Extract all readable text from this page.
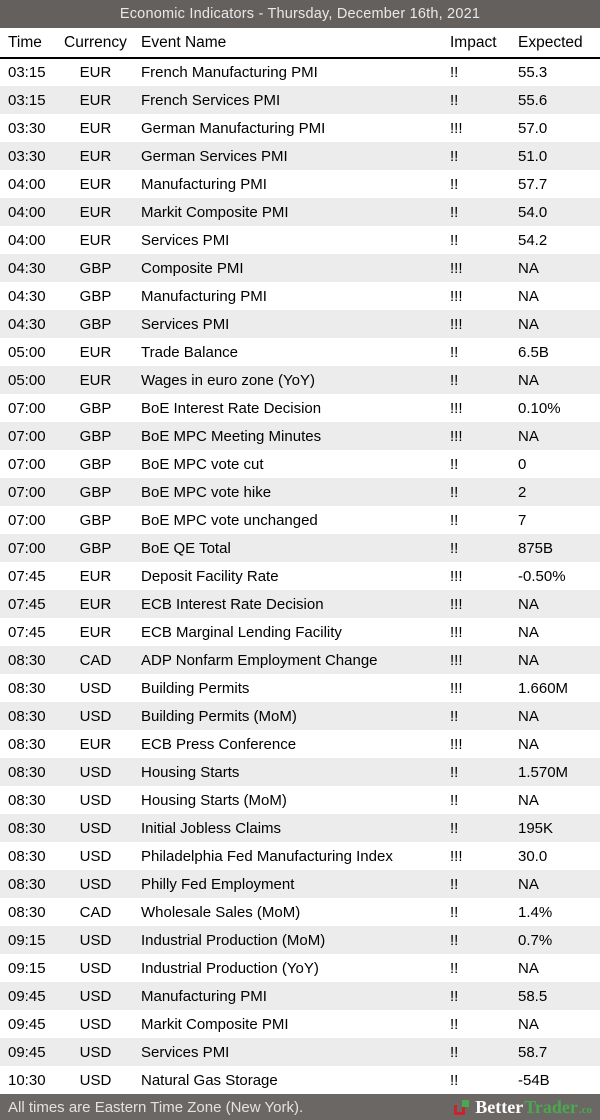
Economic Indicators - Thursday, December 16th, 2021
Time	Currency	Event Name	Impact	Expected
03:15	EUR	French Manufacturing PMI	!!	55.3
03:15	EUR	French Services PMI	!!	55.6
03:30	EUR	German Manufacturing PMI	!!!	57.0
03:30	EUR	German Services PMI	!!	51.0
04:00	EUR	Manufacturing PMI	!!	57.7
04:00	EUR	Markit Composite PMI	!!	54.0
04:00	EUR	Services PMI	!!	54.2
04:30	GBP	Composite PMI	!!!	NA
04:30	GBP	Manufacturing PMI	!!!	NA
04:30	GBP	Services PMI	!!!	NA
05:00	EUR	Trade Balance	!!	6.5B
05:00	EUR	Wages in euro zone (YoY)	!!	NA
07:00	GBP	BoE Interest Rate Decision	!!!	0.10%
07:00	GBP	BoE MPC Meeting Minutes	!!!	NA
07:00	GBP	BoE MPC vote cut	!!	0
07:00	GBP	BoE MPC vote hike	!!	2
07:00	GBP	BoE MPC vote unchanged	!!	7
07:00	GBP	BoE QE Total	!!	875B
07:45	EUR	Deposit Facility Rate	!!!	-0.50%
07:45	EUR	ECB Interest Rate Decision	!!!	NA
07:45	EUR	ECB Marginal Lending Facility	!!!	NA
08:30	CAD	ADP Nonfarm Employment Change	!!!	NA
08:30	USD	Building Permits	!!!	1.660M
08:30	USD	Building Permits (MoM)	!!	NA
08:30	EUR	ECB Press Conference	!!!	NA
08:30	USD	Housing Starts	!!	1.570M
08:30	USD	Housing Starts (MoM)	!!	NA
08:30	USD	Initial Jobless Claims	!!	195K
08:30	USD	Philadelphia Fed Manufacturing Index	!!!	30.0
08:30	USD	Philly Fed Employment	!!	NA
08:30	CAD	Wholesale Sales (MoM)	!!	1.4%
09:15	USD	Industrial Production (MoM)	!!	0.7%
09:15	USD	Industrial Production (YoY)	!!	NA
09:45	USD	Manufacturing PMI	!!	58.5
09:45	USD	Markit Composite PMI	!!	NA
09:45	USD	Services PMI	!!	58.7
10:30	USD	Natural Gas Storage	!!	-54B
All times are Eastern Time Zone (New York).	Better Trader .co
